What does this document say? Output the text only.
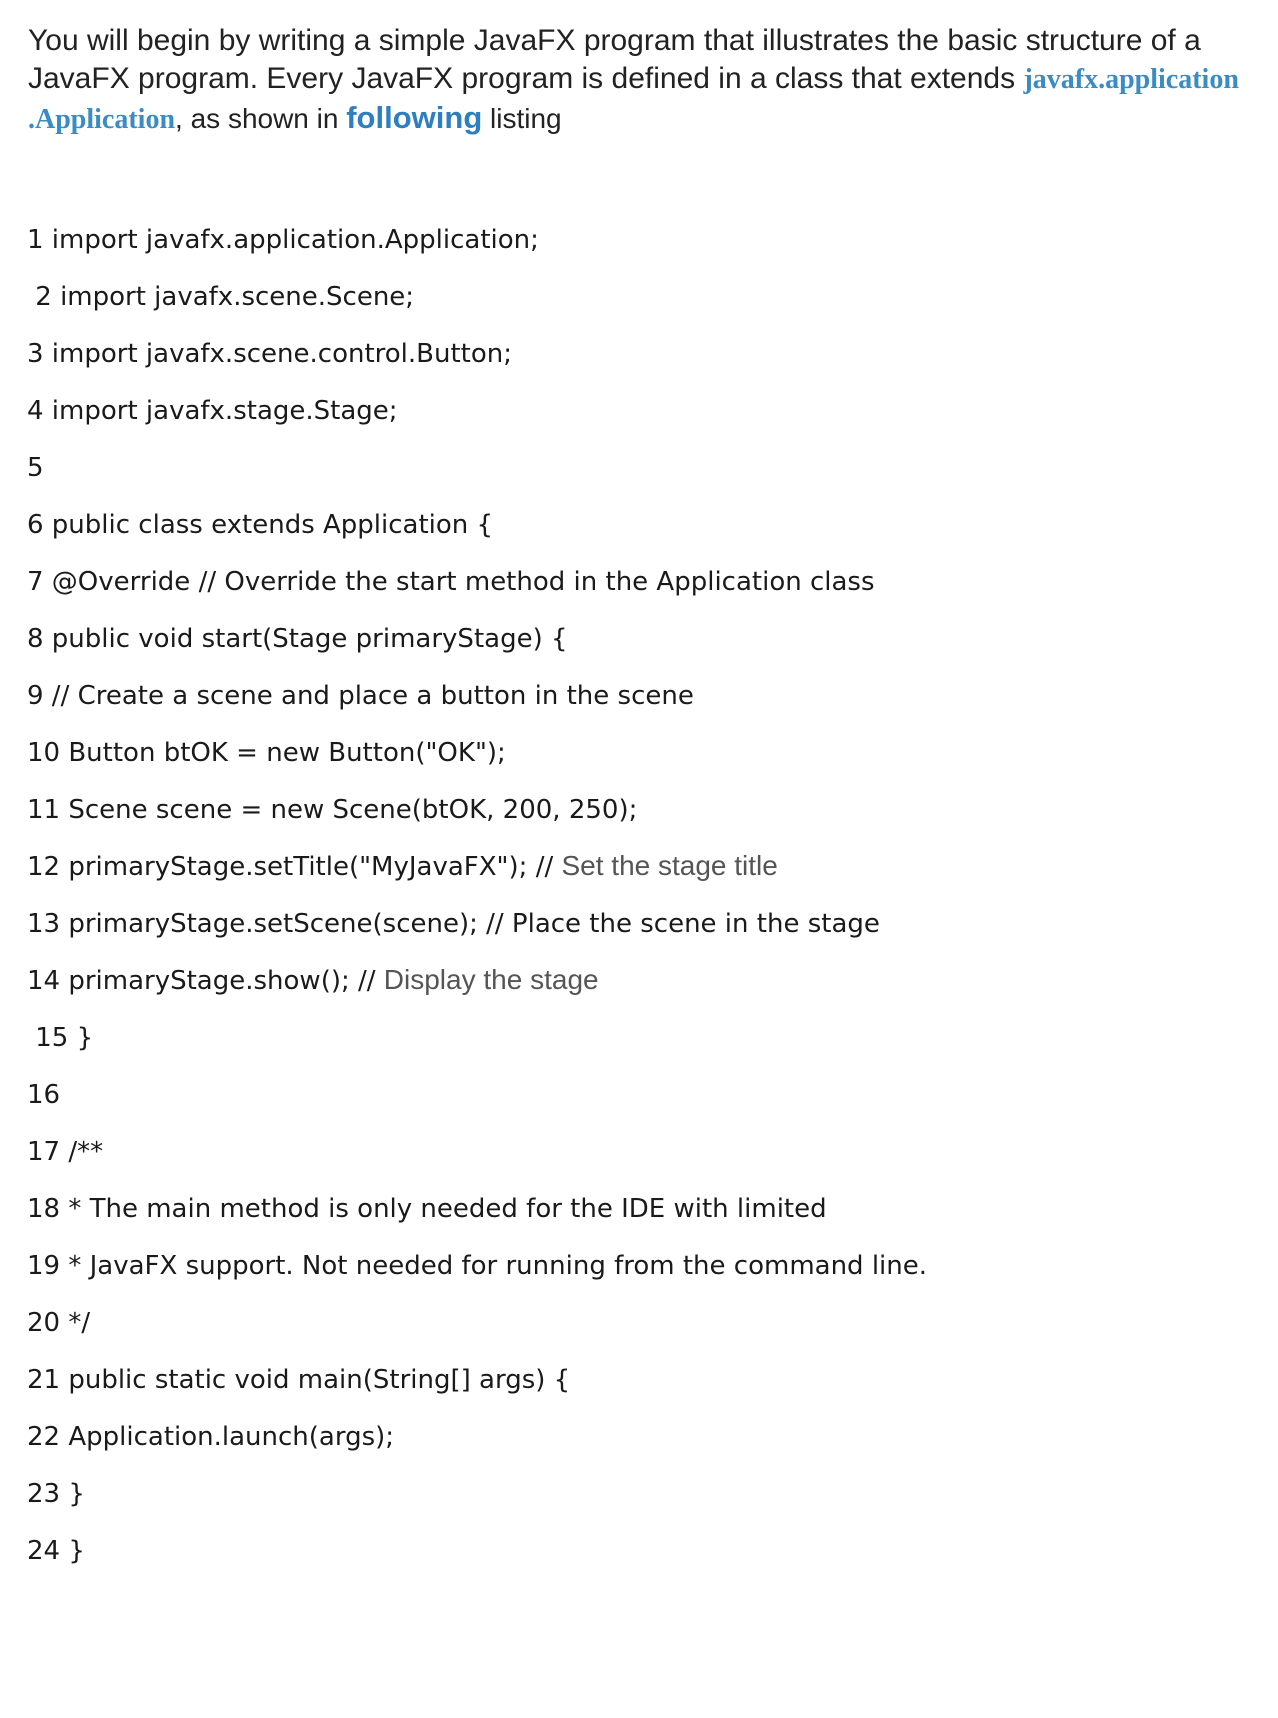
You will begin by writing a simple JavaFX program that illustrates the basic structure of a JavaFX program. Every JavaFX program is defined in a class that extends javafx.application .Application, as shown in following listing
1 import javafx.application.Application;
2 import javafx.scene.Scene;
3 import javafx.scene.control.Button;
4 import javafx.stage.Stage;
5
6 public class extends Application {
7 @Override // Override the start method in the Application class
8 public void start(Stage primaryStage) {
9 // Create a scene and place a button in the scene
10 Button btOK = new Button("OK");
11 Scene scene = new Scene(btOK, 200, 250);
12 primaryStage.setTitle("MyJavaFX"); // Set the stage title
13 primaryStage.setScene(scene); // Place the scene in the stage
14 primaryStage.show(); // Display the stage
15 }
16
17 /**
18 * The main method is only needed for the IDE with limited
19 * JavaFX support. Not needed for running from the command line.
20 */
21 public static void main(String[] args) {
22 Application.launch(args);
23 }
24 }
